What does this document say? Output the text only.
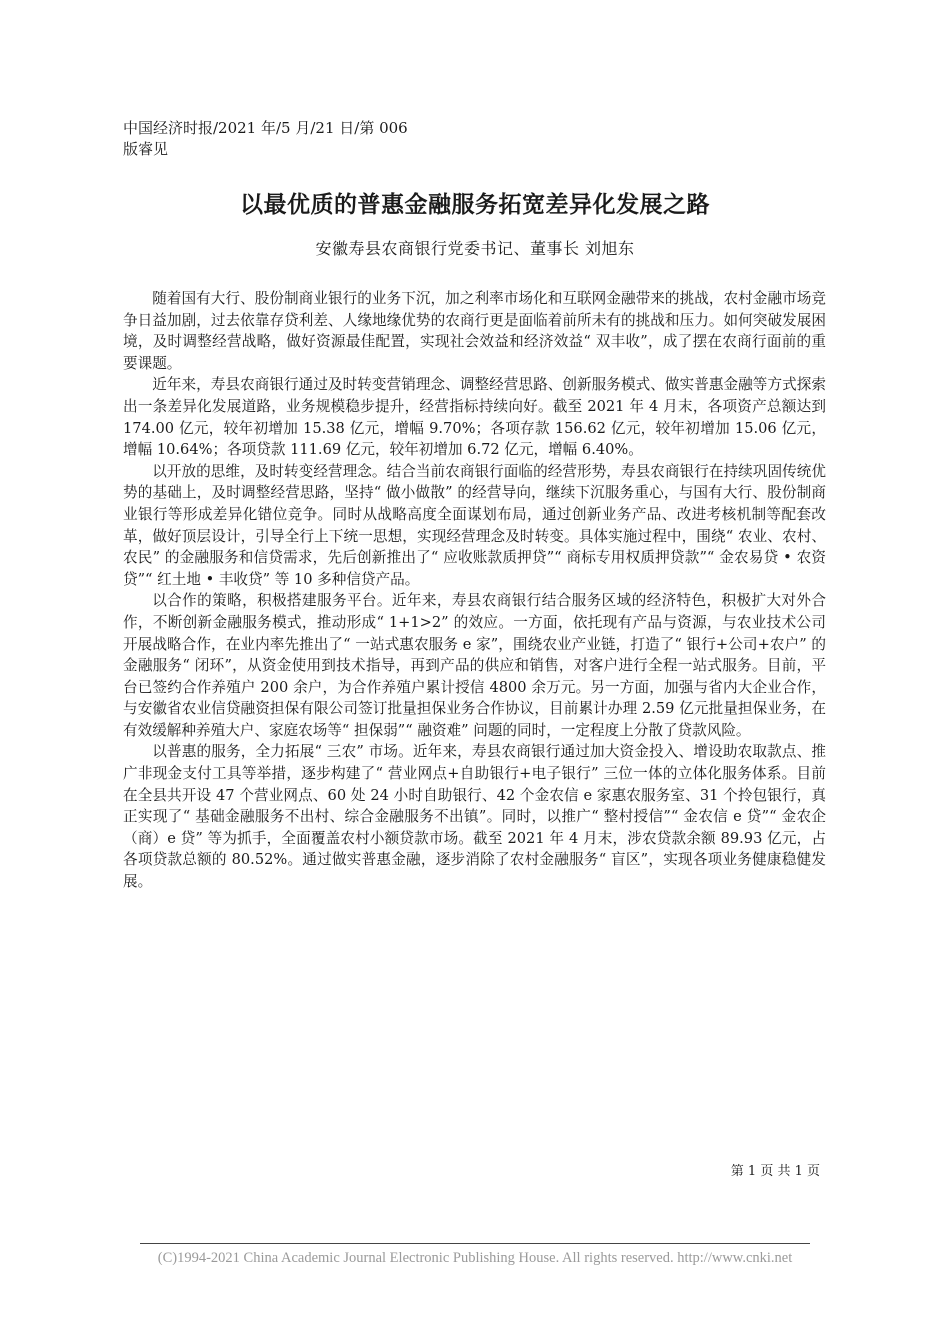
中国经济时报/2021 年/5 月/21 日/第 006
版睿见
以最优质的普惠金融服务拓宽差异化发展之路
安徽寿县农商银行党委书记、董事长 刘旭东

随着国有大行、股份制商业银行的业务下沉，加之利率市场化和互联网金融带来的挑战，农村金融市场竞争日益加剧，过去依靠存贷利差、人缘地缘优势的农商行更是面临着前所未有的挑战和压力。如何突破发展困境，及时调整经营战略，做好资源最佳配置，实现社会效益和经济效益“ 双丰收”，成了摆在农商行面前的重要课题。

近年来，寿县农商银行通过及时转变营销理念、调整经营思路、创新服务模式、做实普惠金融等方式探索出一条差异化发展道路，业务规模稳步提升，经营指标持续向好。截至 2021 年 4 月末，各项资产总额达到 174.00 亿元，较年初增加 15.38 亿元，增幅 9.70%；各项存款 156.62 亿元，较年初增加 15.06 亿元，增幅 10.64%；各项贷款 111.69 亿元，较年初增加 6.72 亿元，增幅 6.40%。

以开放的思维，及时转变经营理念。结合当前农商银行面临的经营形势，寿县农商银行在持续巩固传统优势的基础上，及时调整经营思路，坚持“ 做小做散” 的经营导向，继续下沉服务重心，与国有大行、股份制商业银行等形成差异化错位竞争。同时从战略高度全面谋划布局，通过创新业务产品、改进考核机制等配套改革，做好顶层设计，引导全行上下统一思想，实现经营理念及时转变。具体实施过程中，围绕“ 农业、农村、农民” 的金融服务和信贷需求，先后创新推出了“ 应收账款质押贷”“ 商标专用权质押贷款”“ 金农易贷 • 农资贷”“ 红土地 • 丰收贷” 等 10 多种信贷产品。

以合作的策略，积极搭建服务平台。近年来，寿县农商银行结合服务区域的经济特色，积极扩大对外合作，不断创新金融服务模式，推动形成“ 1+1>2” 的效应。一方面，依托现有产品与资源，与农业技术公司开展战略合作，在业内率先推出了“ 一站式惠农服务 e 家”，围绕农业产业链，打造了“ 银行+公司+农户” 的金融服务“ 闭环”，从资金使用到技术指导，再到产品的供应和销售，对客户进行全程一站式服务。目前，平台已签约合作养殖户 200 余户，为合作养殖户累计授信 4800 余万元。另一方面，加强与省内大企业合作，与安徽省农业信贷融资担保有限公司签订批量担保业务合作协议，目前累计办理 2.59 亿元批量担保业务，在有效缓解种养殖大户、家庭农场等“ 担保弱”“ 融资难” 问题的同时，一定程度上分散了贷款风险。

以普惠的服务，全力拓展“ 三农” 市场。近年来，寿县农商银行通过加大资金投入、增设助农取款点、推广非现金支付工具等举措，逐步构建了“ 营业网点+自助银行+电子银行” 三位一体的立体化服务体系。目前在全县共开设 47 个营业网点、60 处 24 小时自助银行、42 个金农信 e 家惠农服务室、31 个拎包银行，真正实现了“ 基础金融服务不出村、综合金融服务不出镇”。同时，以推广“ 整村授信”“ 金农信 e 贷”“ 金农企（商）e 贷” 等为抓手，全面覆盖农村小额贷款市场。截至 2021 年 4 月末，涉农贷款余额 89.93 亿元，占各项贷款总额的 80.52%。通过做实普惠金融，逐步消除了农村金融服务“ 盲区”，实现各项业务健康稳健发展。

第 1 页 共 1 页
(C)1994-2021 China Academic Journal Electronic Publishing House. All rights reserved. http://www.cnki.net
